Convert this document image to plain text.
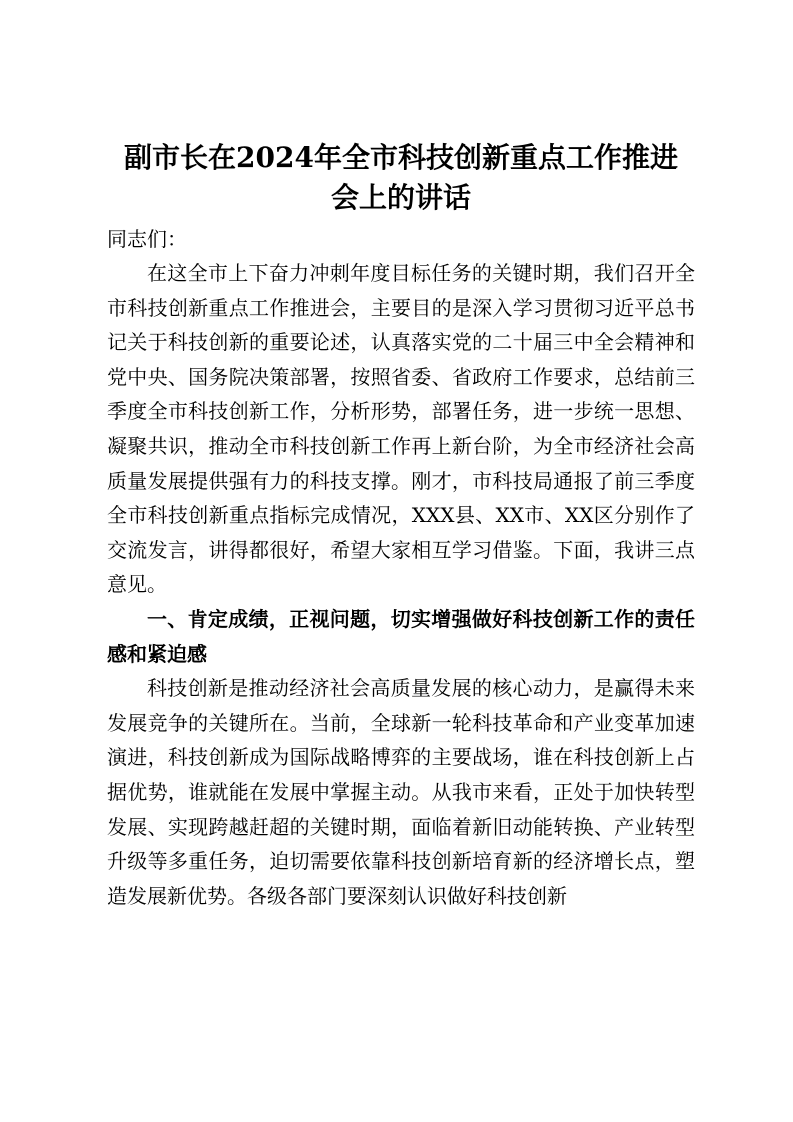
副市长在2024年全市科技创新重点工作推进
会上的讲话

同志们：

在这全市上下奋力冲刺年度目标任务的关键时期，我们召开全市科技创新重点工作推进会，主要目的是深入学习贯彻习近平总书记关于科技创新的重要论述，认真落实党的二十届三中全会精神和党中央、国务院决策部署，按照省委、省政府工作要求，总结前三季度全市科技创新工作，分析形势，部署任务，进一步统一思想、凝聚共识，推动全市科技创新工作再上新台阶，为全市经济社会高质量发展提供强有力的科技支撑。刚才，市科技局通报了前三季度全市科技创新重点指标完成情况，XXX县、XX市、XX区分别作了交流发言，讲得都很好，希望大家相互学习借鉴。下面，我讲三点意见。

一、肯定成绩，正视问题，切实增强做好科技创新工作的责任感和紧迫感

科技创新是推动经济社会高质量发展的核心动力，是赢得未来发展竞争的关键所在。当前，全球新一轮科技革命和产业变革加速演进，科技创新成为国际战略博弈的主要战场，谁在科技创新上占据优势，谁就能在发展中掌握主动。从我市来看，正处于加快转型发展、实现跨越赶超的关键时期，面临着新旧动能转换、产业转型升级等多重任务，迫切需要依靠科技创新培育新的经济增长点，塑造发展新优势。各级各部门要深刻认识做好科技创新
